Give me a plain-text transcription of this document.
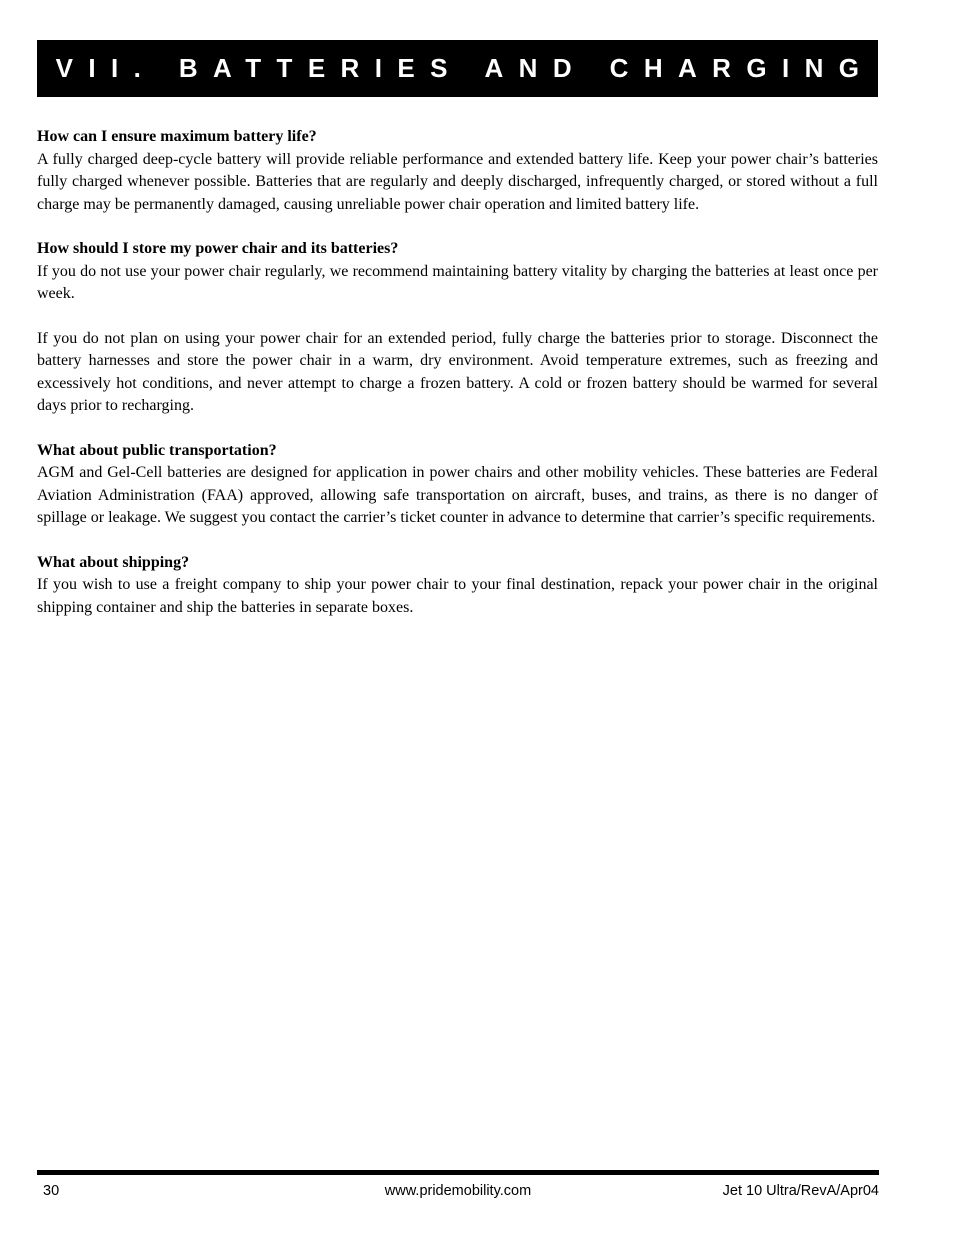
VII. BATTERIES AND CHARGING

How can I ensure maximum battery life?

A fully charged deep-cycle battery will provide reliable performance and extended battery life. Keep your power chair’s batteries fully charged whenever possible. Batteries that are regularly and deeply discharged, infrequently charged, or stored without a full charge may be permanently damaged, causing unreliable power chair operation and limited battery life.

How should I store my power chair and its batteries?

If you do not use your power chair regularly, we recommend maintaining battery vitality by charging the batteries at least once per week.

If you do not plan on using your power chair for an extended period, fully charge the batteries prior to storage. Disconnect the battery harnesses and store the power chair in a warm, dry environment. Avoid temperature extremes, such as freezing and excessively hot conditions, and never attempt to charge a frozen battery. A cold or frozen battery should be warmed for several days prior to recharging.

What about public transportation?

AGM and Gel-Cell batteries are designed for application in power chairs and other mobility vehicles. These batteries are Federal Aviation Administration (FAA) approved, allowing safe transportation on aircraft, buses, and trains, as there is no danger of spillage or leakage. We suggest you contact the carrier’s ticket counter in advance to determine that carrier’s specific requirements.

What about shipping?

If you wish to use a freight company to ship your power chair to your final destination, repack your power chair in the original shipping container and ship the batteries in separate boxes.

30	www.pridemobility.com	Jet 10 Ultra/RevA/Apr04
